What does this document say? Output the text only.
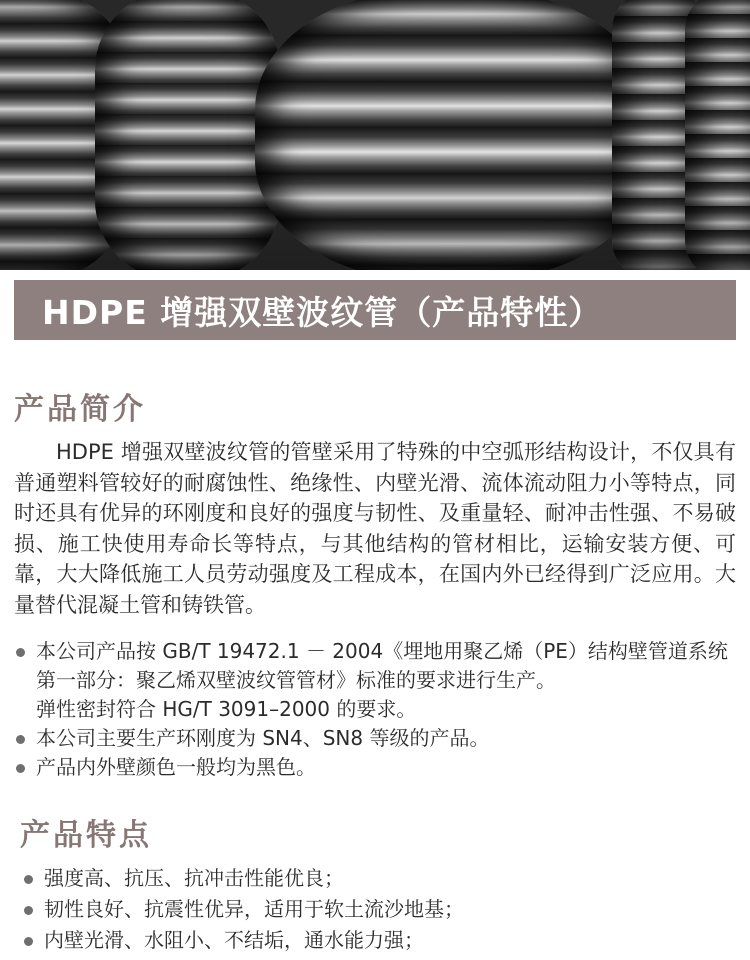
HDPE 增强双壁波纹管（产品特性）
产品简介
HDPE 增强双壁波纹管的管壁采用了特殊的中空弧形结构设计，不仅具有普通塑料管较好的耐腐蚀性、绝缘性、内壁光滑、流体流动阻力小等特点，同时还具有优异的环刚度和良好的强度与韧性、及重量轻、耐冲击性强、不易破损、施工快使用寿命长等特点，与其他结构的管材相比，运输安装方便、可靠，大大降低施工人员劳动强度及工程成本，在国内外已经得到广泛应用。大量替代混凝土管和铸铁管。
本公司产品按 GB/T 19472.1 － 2004《埋地用聚乙烯（PE）结构壁管道系统第一部分：聚乙烯双壁波纹管管材》标准的要求进行生产。
弹性密封符合 HG/T 3091–2000 的要求。
本公司主要生产环刚度为 SN4、SN8 等级的产品。
产品内外壁颜色一般均为黑色。
产品特点
强度高、抗压、抗冲击性能优良；
韧性良好、抗震性优异，适用于软土流沙地基；
内壁光滑、水阻小、不结垢，通水能力强；
